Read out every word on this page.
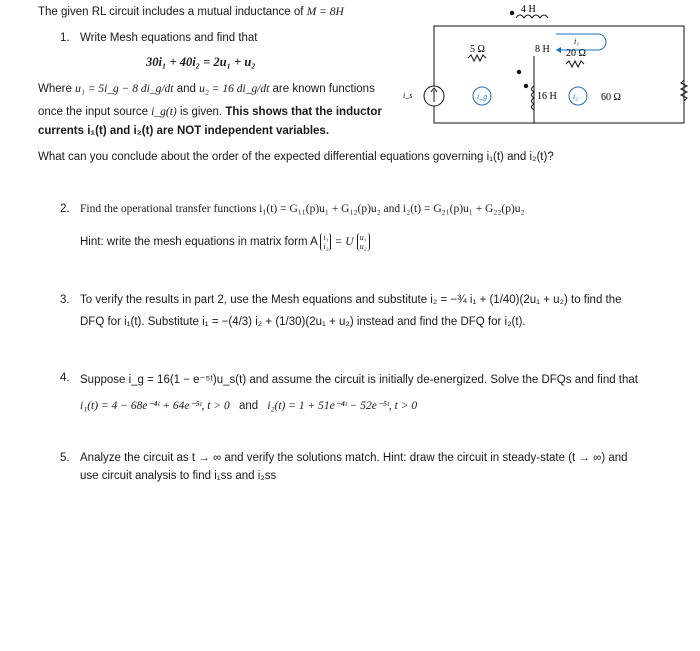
The given RL circuit includes a mutual inductance of M = 8H
1. Write Mesh equations and find that
30i₁ + 40i₂ = 2u₁ + u₂
Where u₁ = 5i_g − 8 di_g/dt and u₂ = 16 di_g/dt are known functions
once the input source i_g(t) is given. This shows that the inductor
currents i₁(t) and i₂(t) are NOT independent variables.
What can you conclude about the order of the expected differential equations governing i₁(t) and i₂(t)?
4 H
i₁
5 Ω	8 H 20 Ω
16 H
i_s	i_g	i₂ 60 Ω
2. Find the operational transfer functions i₁(t) = G₁₁(p)u₁ + G₁₂(p)u₂ and i₂(t) = G₂₁(p)u₁ + G₂₂(p)u₂
Hint: write the mesh equations in matrix form A i₁
i₂ = U u₁
u₂
3. To verify the results in part 2, use the Mesh equations and substitute i₂ = −¾ i₁ + (1/40)(2u₁ + u₂) to find the
DFQ for i₁(t). Substitute i₁ = −(4/3) i₂ + (1/30)(2u₁ + u₂) instead and find the DFQ for i₂(t).
4. Suppose i_g = 16(1 − e⁻⁵ᵗ)u_s(t) and assume the circuit is initially de-energized. Solve the DFQs and find that
i₁(t) = 4 − 68e⁻⁴ᵗ + 64e⁻⁵ᵗ, t > 0 and i₂(t) = 1 + 51e⁻⁴ᵗ − 52e⁻⁵ᵗ, t > 0
5. Analyze the circuit as t → ∞ and verify the solutions match. Hint: draw the circuit in steady-state (t → ∞) and
use circuit analysis to find i₁ss and i₂ss
